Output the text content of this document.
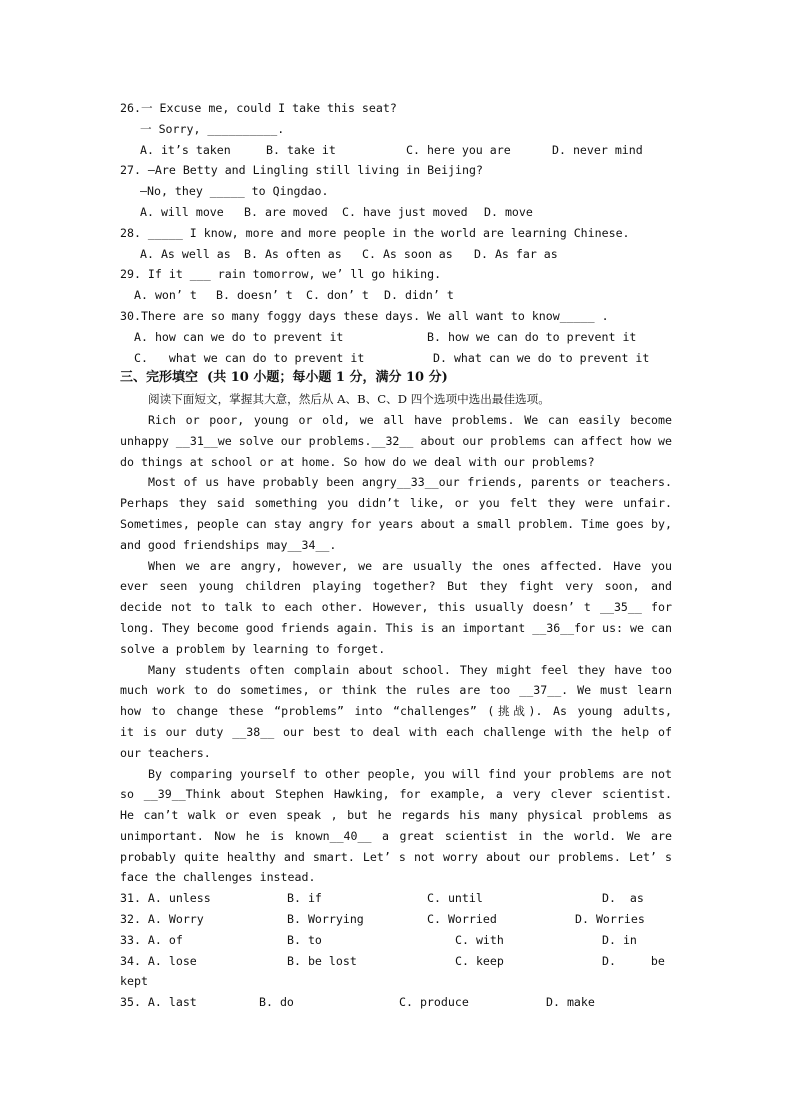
26.一 Excuse me, could I take this seat?
一 Sorry, __________.
A. it’s taken	B. take it	C. here you are	D. never mind
27. —Are Betty and Lingling still living in Beijing?
—No, they _____ to Qingdao.
A. will move	B. are moved	C. have just moved	D. move
28. _____ I know, more and more people in the world are learning Chinese.
A. As well as	B. As often as	C. As soon as	D. As far as
29. If it ___ rain tomorrow, we’ ll go hiking.
A. won’ t	B. doesn’ t	C. don’ t	D. didn’ t
30.There are so many foggy days these days. We all want to know_____ .
A. how can we do to prevent it	B. how we can do to prevent it
C.   what we can do to prevent it	D. what can we do to prevent it
三、完形填空  (共 10 小题；每小题 1 分，满分 10 分)
阅读下面短文，掌握其大意，然后从 A、B、C、D 四个选项中选出最佳选项。
Rich or poor, young or old, we all have problems. We can easily become
unhappy __31__we solve our problems.__32__ about our problems can affect how we
do things at school or at home. So how do we deal with our problems?
Most of us have probably been angry__33__our friends, parents or teachers.
Perhaps they said something you didn’t like, or you felt they were unfair.
Sometimes, people can stay angry for years about a small problem. Time goes by,
and good friendships may__34__.
When we are angry, however, we are usually the ones affected. Have you
ever seen young children playing together? But they fight very soon, and
decide not to talk to each other. However, this usually doesn’ t __35__ for
long. They become good friends again. This is an important __36__for us: we can
solve a problem by learning to forget.
Many students often complain about school. They might feel they have too
much work to do sometimes, or think the rules are too __37__. We must learn
how to change these “problems” into “challenges” (挑战). As young adults,
it is our duty __38__ our best to deal with each challenge with the help of
our teachers.
By comparing yourself to other people, you will find your problems are not
so __39__Think about Stephen Hawking, for example, a very clever scientist.
He can’t walk or even speak , but he regards his many physical problems as
unimportant. Now he is known__40__ a great scientist in the world. We are
probably quite healthy and smart. Let’ s not worry about our problems. Let’ s
face the challenges instead.
31. A. unless	B. if	C. until	D.  as
32. A. Worry	B. Worrying	C. Worried	D. Worries
33. A. of	B. to	C. with	D. in
34. A. lose	B. be lost	C. keep	D.     be
kept
35. A. last	B. do	C. produce	D. make
